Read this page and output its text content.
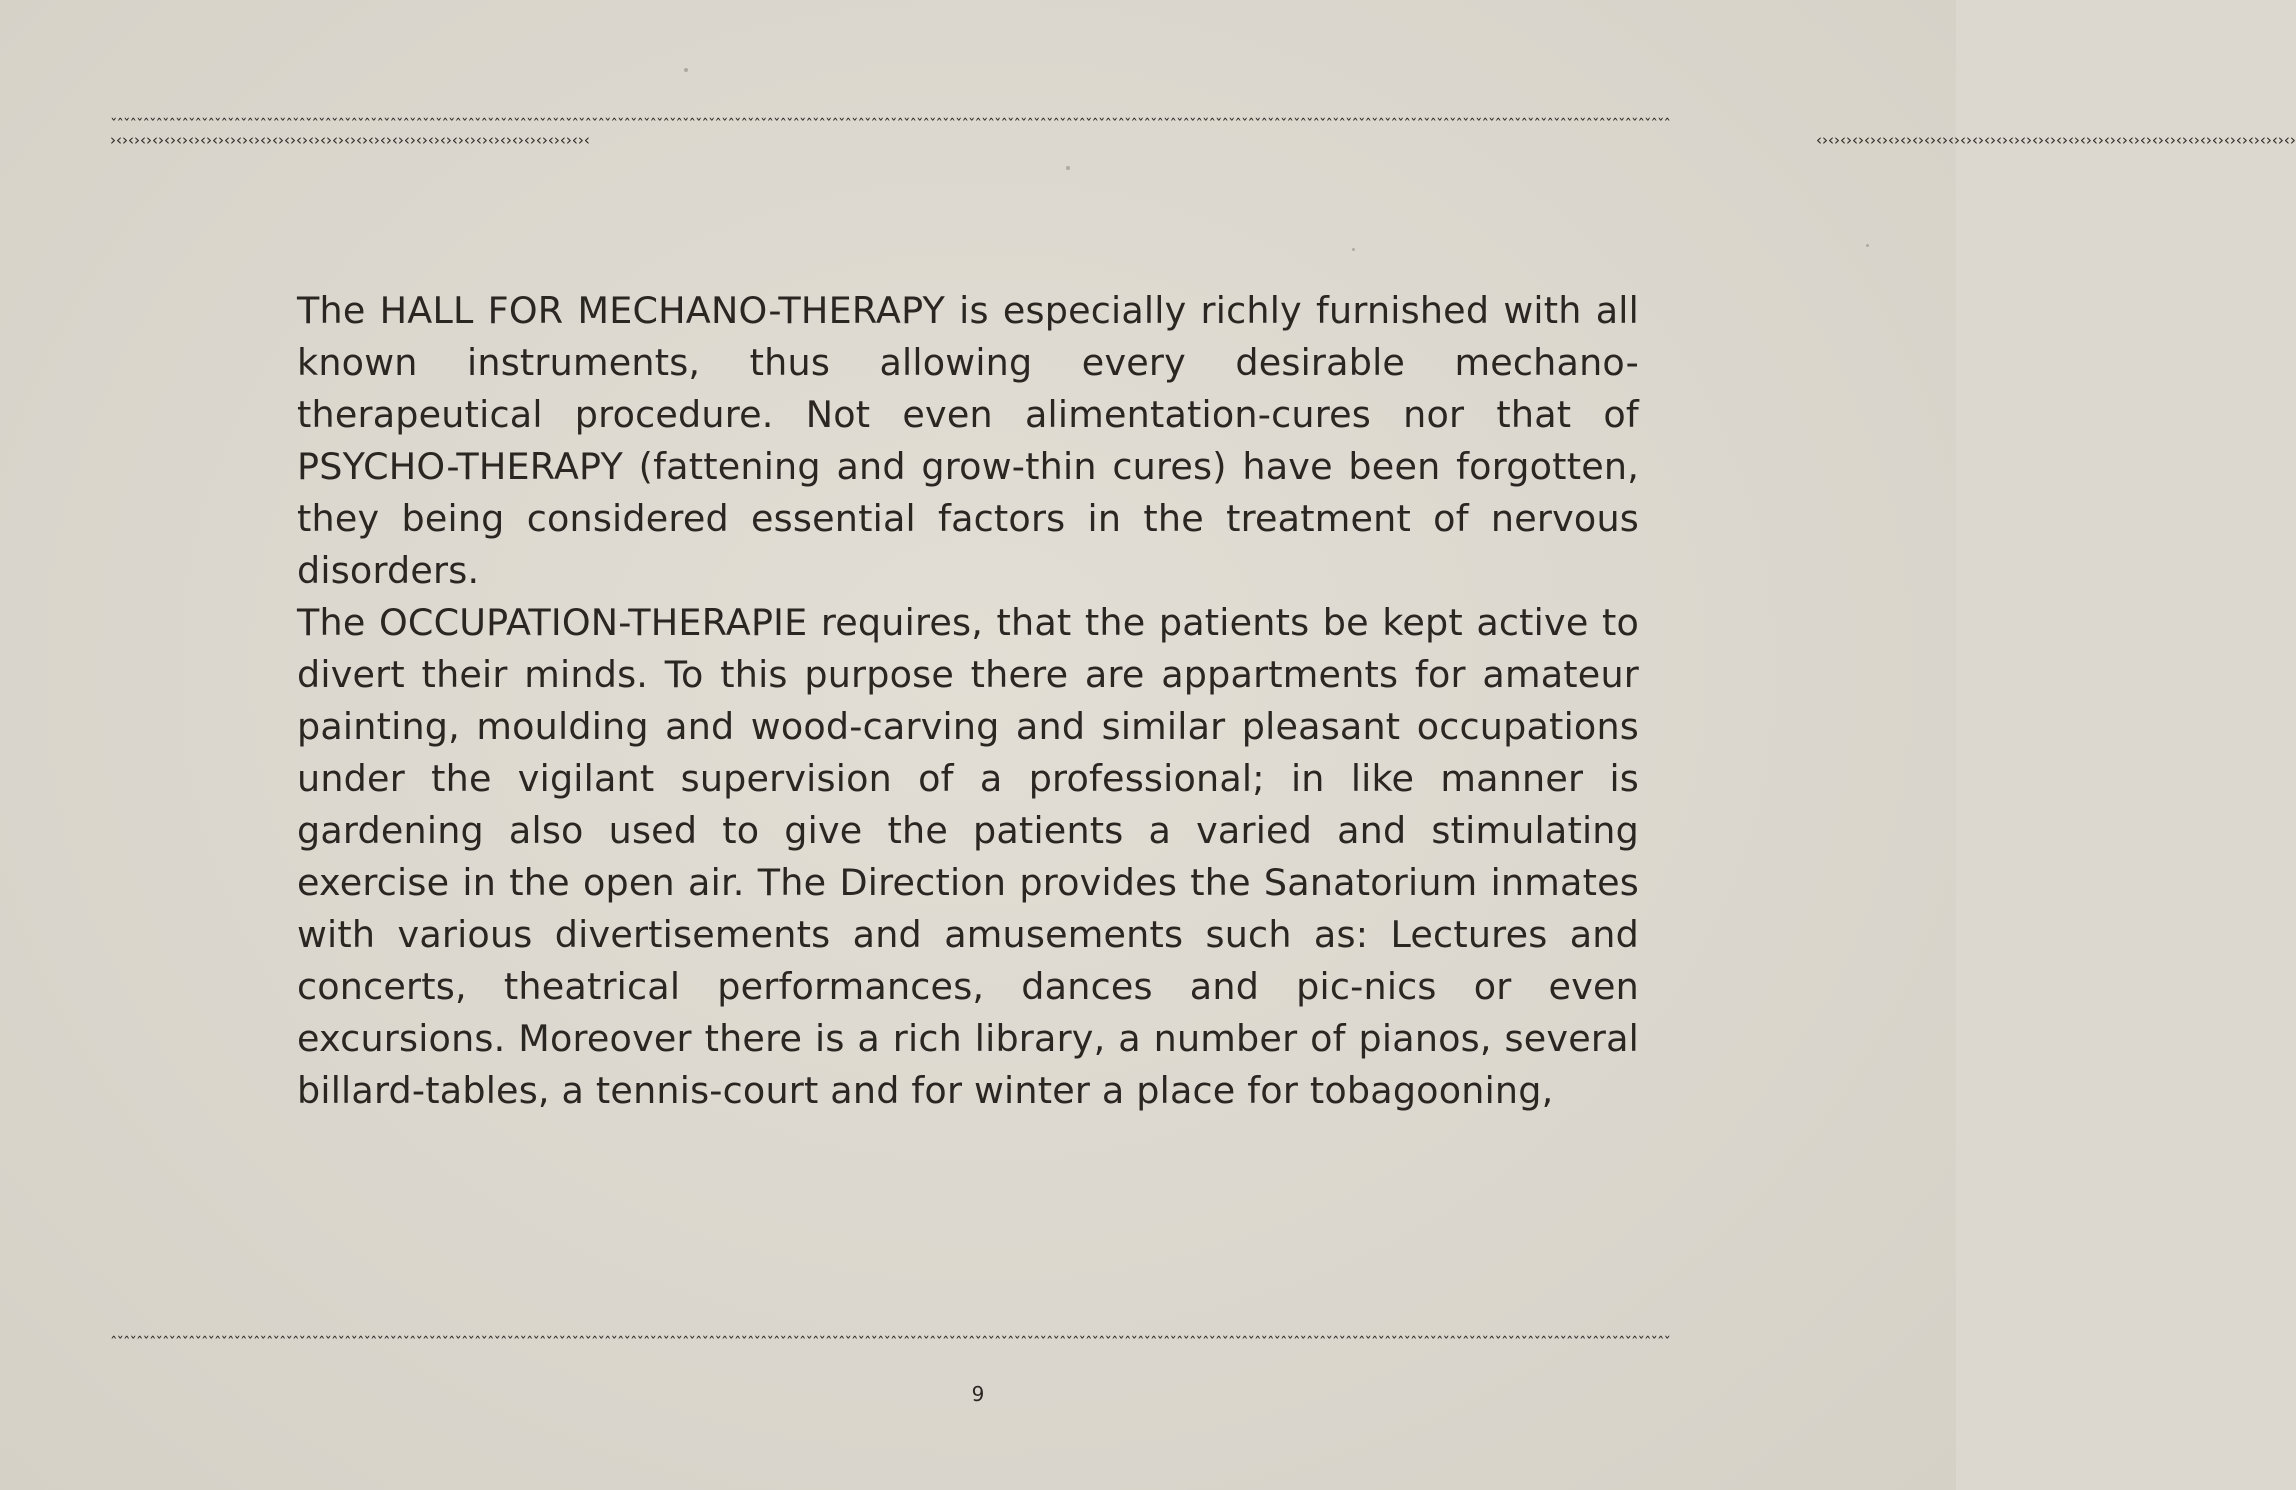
ˇˆˇˆˇˆˇˆˇˆˇˆˇˆˇˆˇˆˇˆˇˆˇˆˇˆˇˆˇˆˇˆˇˆˇˆˇˆˇˆˇˆˇˆˇˆˇˆˇˆˇˆˇˆˇˆˇˆˇˆˇˆˇˆˇˆˇˆˇˆˇˆˇˆˇˆˇˆˇˆˇˆˇˆˇˆˇˆˇˆˇˆˇˆˇˆˇˆˇˆˇˆˇˆˇˆˇˆˇˆˇˆˇˆˇˆˇˆˇˆˇˆˇˆˇˆˇˆˇˆˇˆˇˆˇˆˇˆˇˆˇˆˇˆˇˆˇˆˇˆˇˆˇˆˇˆˇˆˇˆˇˆˇˆˇˆˇˆˇˆˇˆˇˆˇˆˇˆˇˆˇˆˇˆˇˆˇˆˇˆˇˆˇˆˇˆˇˆˇˆˇˆˇˆˇˆˇˆˇˆˇˆˇˆˇˆˇˆˇˆˇˆˇˆˇˆˇˆˇˆˇˆˇˆˇˆˇˆˇˆ
ˆˇˆˇˆˇˆˇˆˇˆˇˆˇˆˇˆˇˆˇˆˇˆˇˆˇˆˇˆˇˆˇˆˇˆˇˆˇˆˇˆˇˆˇˆˇˆˇˆˇˆˇˆˇˆˇˆˇˆˇˆˇˆˇˆˇˆˇˆˇˆˇˆˇˆˇˆˇˆˇˆˇˆˇˆˇˆˇˆˇˆˇˆˇˆˇˆˇˆˇˆˇˆˇˆˇˆˇˆˇˆˇˆˇˆˇˆˇˆˇˆˇˆˇˆˇˆˇˆˇˆˇˆˇˆˇˆˇˆˇˆˇˆˇˆˇˆˇˆˇˆˇˆˇˆˇˆˇˆˇˆˇˆˇˆˇˆˇˆˇˆˇˆˇˆˇˆˇˆˇˆˇˆˇˆˇˆˇˆˇˆˇˆˇˆˇˆˇˆˇˆˇˆˇˆˇˆˇˆˇˆˇˆˇˆˇˆˇˆˇˆˇˆˇˆˇˆˇˆˇˆˇˆˇˆˇˆˇˆˇ
›‹›‹›‹›‹›‹›‹›‹›‹›‹›‹›‹›‹›‹›‹›‹›‹›‹›‹›‹›‹›‹›‹›‹›‹›‹›‹›‹›‹›‹›‹›‹›‹›‹›‹›‹›‹›‹›‹›‹›‹	‹›‹›‹›‹›‹›‹›‹›‹›‹›‹›‹›‹›‹›‹›‹›‹›‹›‹›‹›‹›‹›‹›‹›‹›‹›‹›‹›‹›‹›‹›‹›‹›‹›‹›‹›‹›‹›‹›‹›‹›

The HALL FOR MECHANO-THERAPY is especially richly furnished with all known instruments, thus allowing every desirable mechano-therapeutical procedure. Not even alimentation-cures nor that of PSYCHO-THERAPY (fattening and grow-thin cures) have been forgotten, they being considered essential factors in the treatment of nervous disorders.

The OCCUPATION-THERAPIE requires, that the patients be kept active to divert their minds. To this purpose there are appartments for amateur painting, moulding and wood-carving and similar pleasant occupations under the vigilant supervision of a professional; in like manner is gardening also used to give the patients a varied and stimulating exercise in the open air. The Direction provides the Sanatorium inmates with various divertisements and amusements such as: Lectures and concerts, theatrical performances, dances and pic-nics or even excursions. Moreover there is a rich library, a number of pianos, several billard-tables, a tennis-court and for winter a place for tobagooning,

9
